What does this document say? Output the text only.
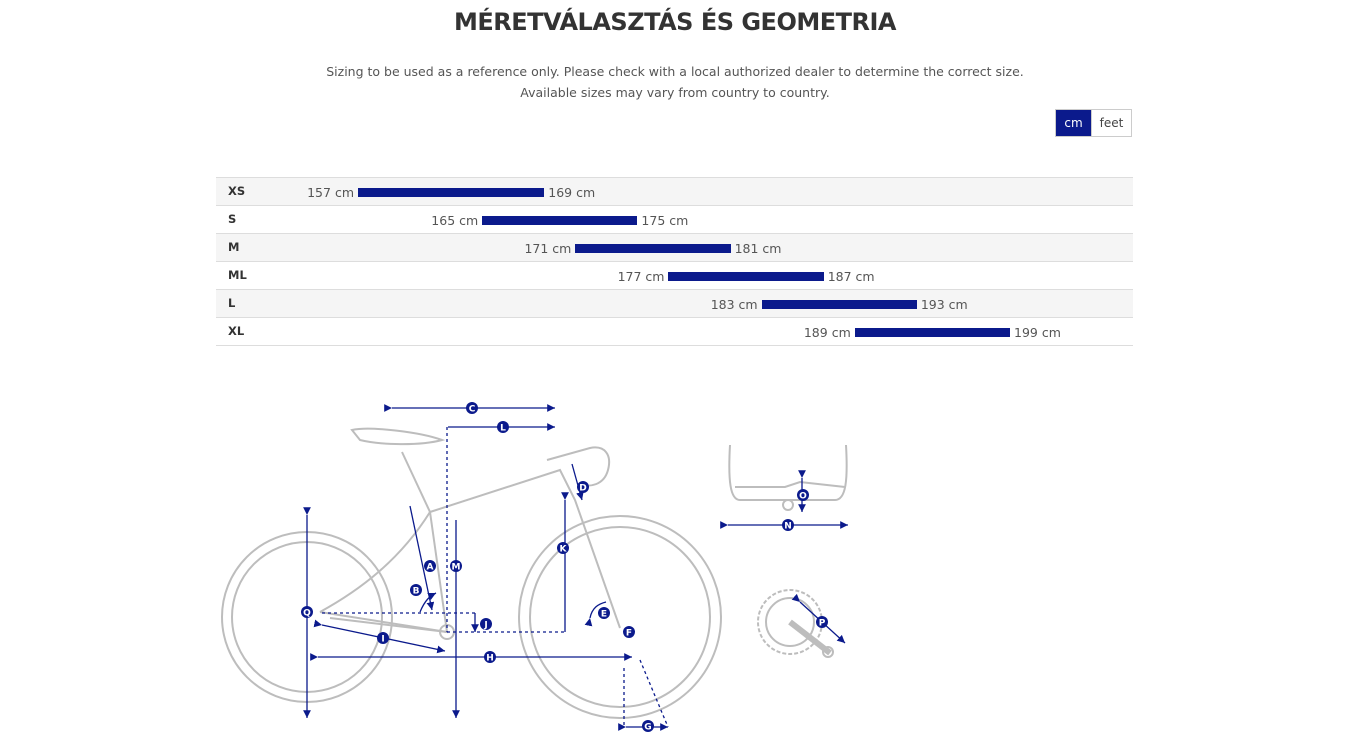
MÉRETVÁLASZTÁS ÉS GEOMETRIA
Sizing to be used as a reference only. Please check with a local authorized dealer to determine the correct size.
Available sizes may vary from country to country.
cm	feet
XS	157 cm	169 cm
S	165 cm	175 cm
M	171 cm	181 cm
ML	177 cm	187 cm
L	183 cm	193 cm
XL	189 cm	199 cm
A
B
C
D
E
F
G
H
I
J
K
L
M
N
O
P
Q
